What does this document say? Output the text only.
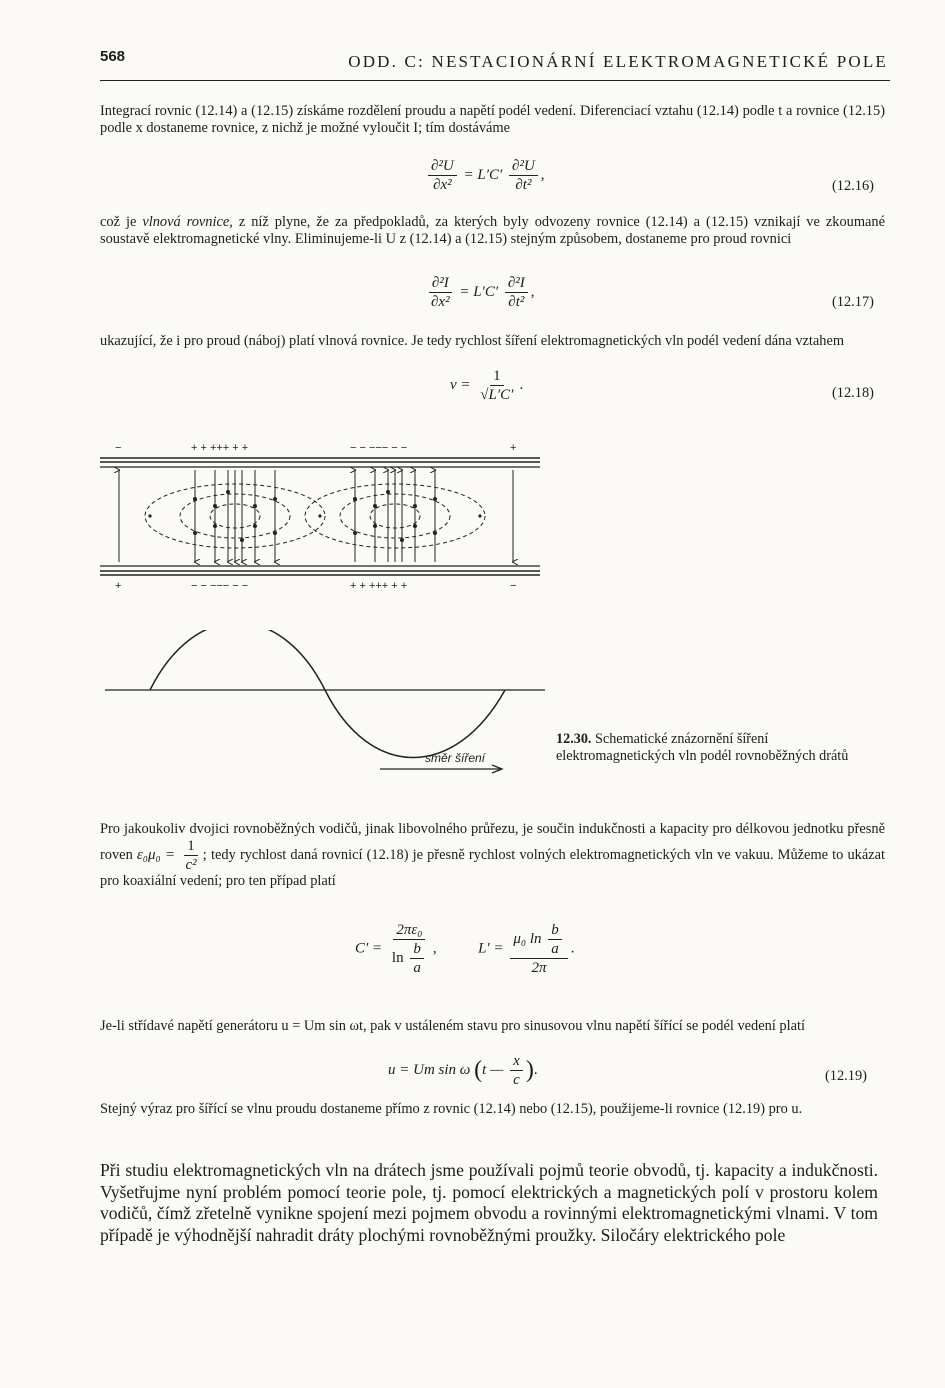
568	ODD. C: NESTACIONÁRNÍ ELEKTROMAGNETICKÉ POLE
Integrací rovnic (12.14) a (12.15) získáme rozdělení proudu a napětí podél vedení. Diferenciací vztahu (12.14) podle t a rovnice (12.15) podle x dostaneme rovnice, z nichž je možné vyloučit I; tím dostáváme
$\frac{\text{∂²U}}{\text{∂x²}} = L'C' \frac{\text{∂²U}}{\text{∂t²}}$ ,
(12.16)
což je vlnová rovnice, z níž plyne, že za předpokladů, za kterých byly odvozeny rovnice (12.14) a (12.15) vznikají ve zkoumané soustavě elektromagnetické vlny. Eliminujeme-li U z (12.14) a (12.15) stejným způsobem, dostaneme pro proud rovnici
$\frac{\text{∂²I}}{\text{∂x²}} = L'C' \frac{\text{∂²I}}{\text{∂t²}}$ ,
(12.17)
ukazující, že i pro proud (náboj) platí vlnová rovnice. Je tedy rychlost šíření elektromagnetických vln podél vedení dána vztahem
$v = \frac{1}{√L'C'}$ .
(12.18)
−	+ + +++ + +	− − −−− − −	+
+	− − −−− − −	+ + +++ + +	−
směr šíření
12.30. Schematické znázornění šíření elektromagnetických vln podél rovnoběžných drátů
Pro jakoukoliv dvojici rovnoběžných vodičů, jinak libovolného průřezu, je součin indukčnosti a kapacity pro délkovou jednotku přesně roven $\varepsilon_0\mu_0 = \frac{1}{\text{c²}}$ ; tedy rychlost daná rovnicí (12.18) je přesně rychlost volných elektromagnetických vln ve vakuu. Můžeme to ukázat pro koaxiální vedení; pro ten případ platí
$C' = \frac{\text{2πε₀}}{\ln \frac{b}{a}}$ ,	$L' = \frac{\mu_0 \ln \frac{b}{a}}{2\pi}$ .
Je-li střídavé napětí generátoru u = Um sin ωt, pak v ustáleném stavu pro sinusovou vlnu napětí šířící se podél vedení platí
u = Um sin ω (t — $\frac{x}{c}$ ).	(12.19)
Stejný výraz pro šířící se vlnu proudu dostaneme přímo z rovnic (12.14) nebo (12.15), použijeme-li rovnice (12.19) pro u.
Při studiu elektromagnetických vln na drátech jsme používali pojmů teorie obvodů, tj. kapacity a indukčnosti. Vyšetřujme nyní problém pomocí teorie pole, tj. pomocí elektrických a magnetických polí v prostoru kolem vodičů, čímž zřetelně vynikne spojení mezi pojmem obvodu a rovinnými elektromagnetickými vlnami. V tom případě je výhodnější nahradit dráty plochými rovnoběžnými proužky. Siločáry elektrického pole
